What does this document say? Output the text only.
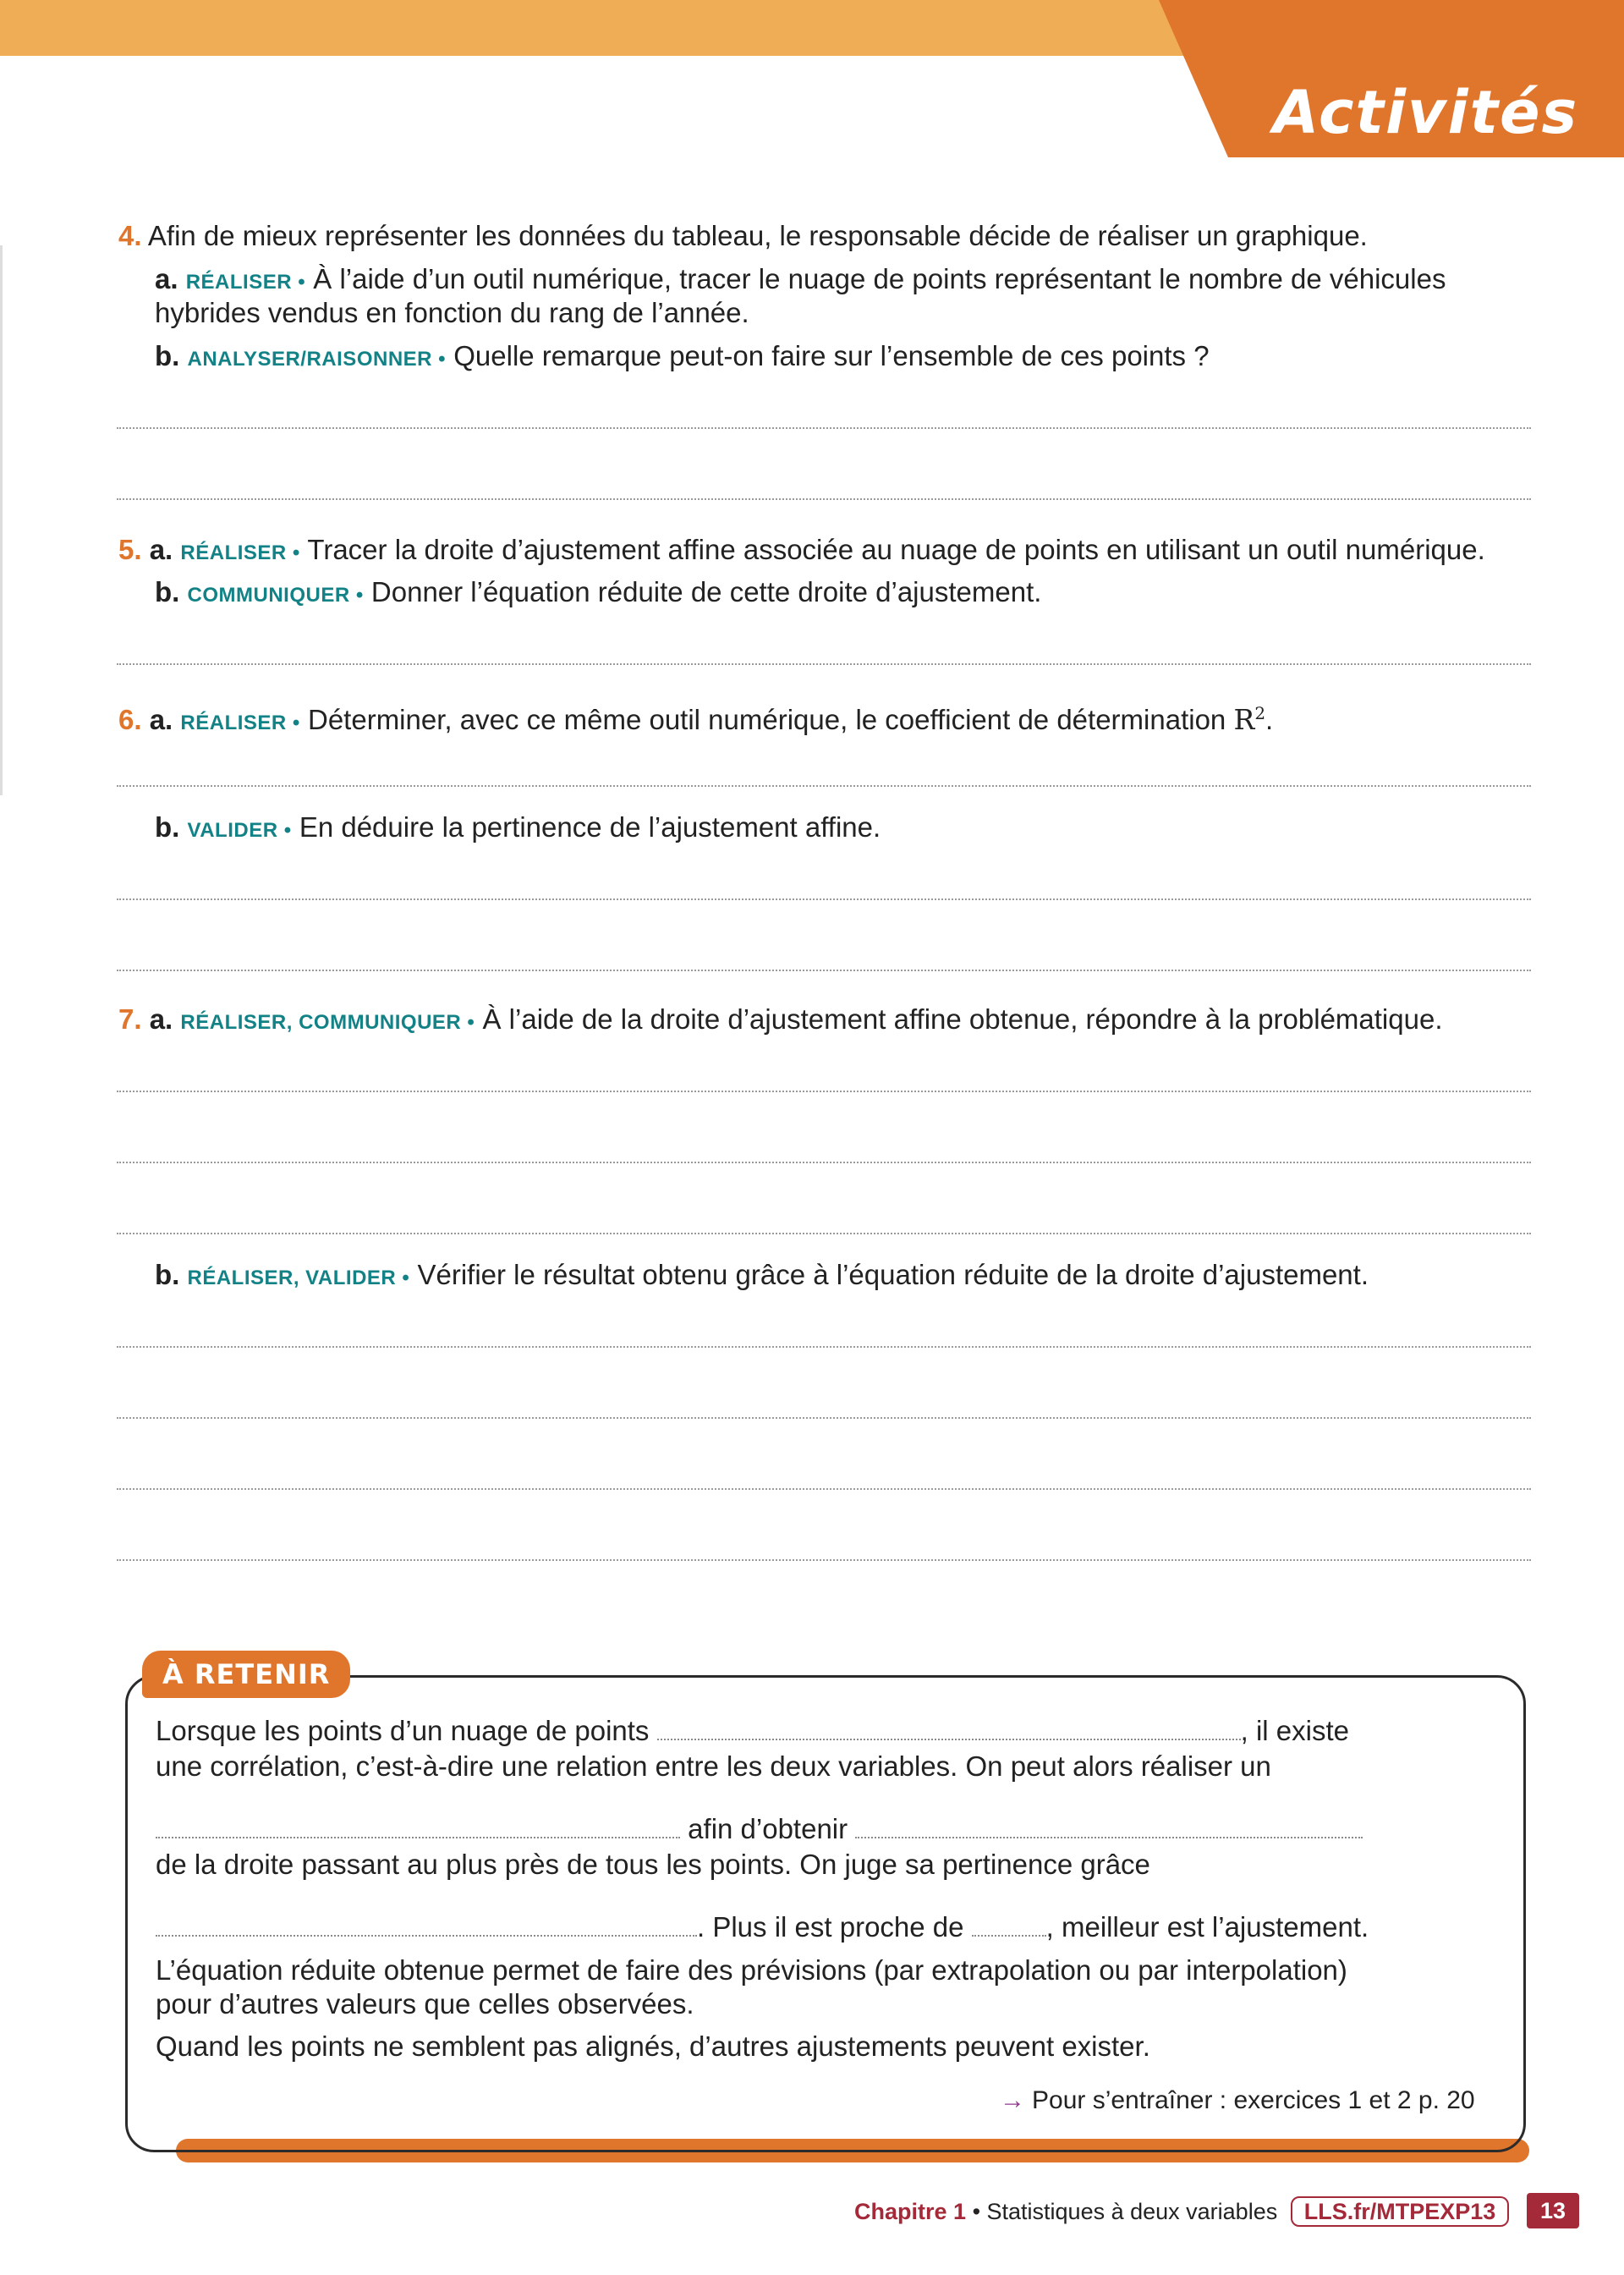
Activités
4. Afin de mieux représenter les données du tableau, le responsable décide de réaliser un graphique.
a. RÉALISER • À l’aide d’un outil numérique, tracer le nuage de points représentant le nombre de véhicules
hybrides vendus en fonction du rang de l’année.
b. ANALYSER/RAISONNER • Quelle remarque peut-on faire sur l’ensemble de ces points ?
5. a. RÉALISER • Tracer la droite d’ajustement affine associée au nuage de points en utilisant un outil numérique.
b. COMMUNIQUER • Donner l’équation réduite de cette droite d’ajustement.
6. a. RÉALISER • Déterminer, avec ce même outil numérique, le coefficient de détermination $R^2$.
b. VALIDER • En déduire la pertinence de l’ajustement affine.
7. a. RÉALISER, COMMUNIQUER • À l’aide de la droite d’ajustement affine obtenue, répondre à la problématique.
b. RÉALISER, VALIDER • Vérifier le résultat obtenu grâce à l’équation réduite de la droite d’ajustement.
À RETENIR
Lorsque les points d’un nuage de points	, il existe
une corrélation, c’est-à-dire une relation entre les deux variables. On peut alors réaliser un
afin d’obtenir
de la droite passant au plus près de tous les points. On juge sa pertinence grâce
. Plus il est proche de	, meilleur est l’ajustement.
L’équation réduite obtenue permet de faire des prévisions (par extrapolation ou par interpolation)
pour d’autres valeurs que celles observées.
Quand les points ne semblent pas alignés, d’autres ajustements peuvent exister.
→ Pour s’entraîner : exercices 1 et 2 p. 20
Chapitre 1 • Statistiques à deux variables LLS.fr/MTPEXP13	13
